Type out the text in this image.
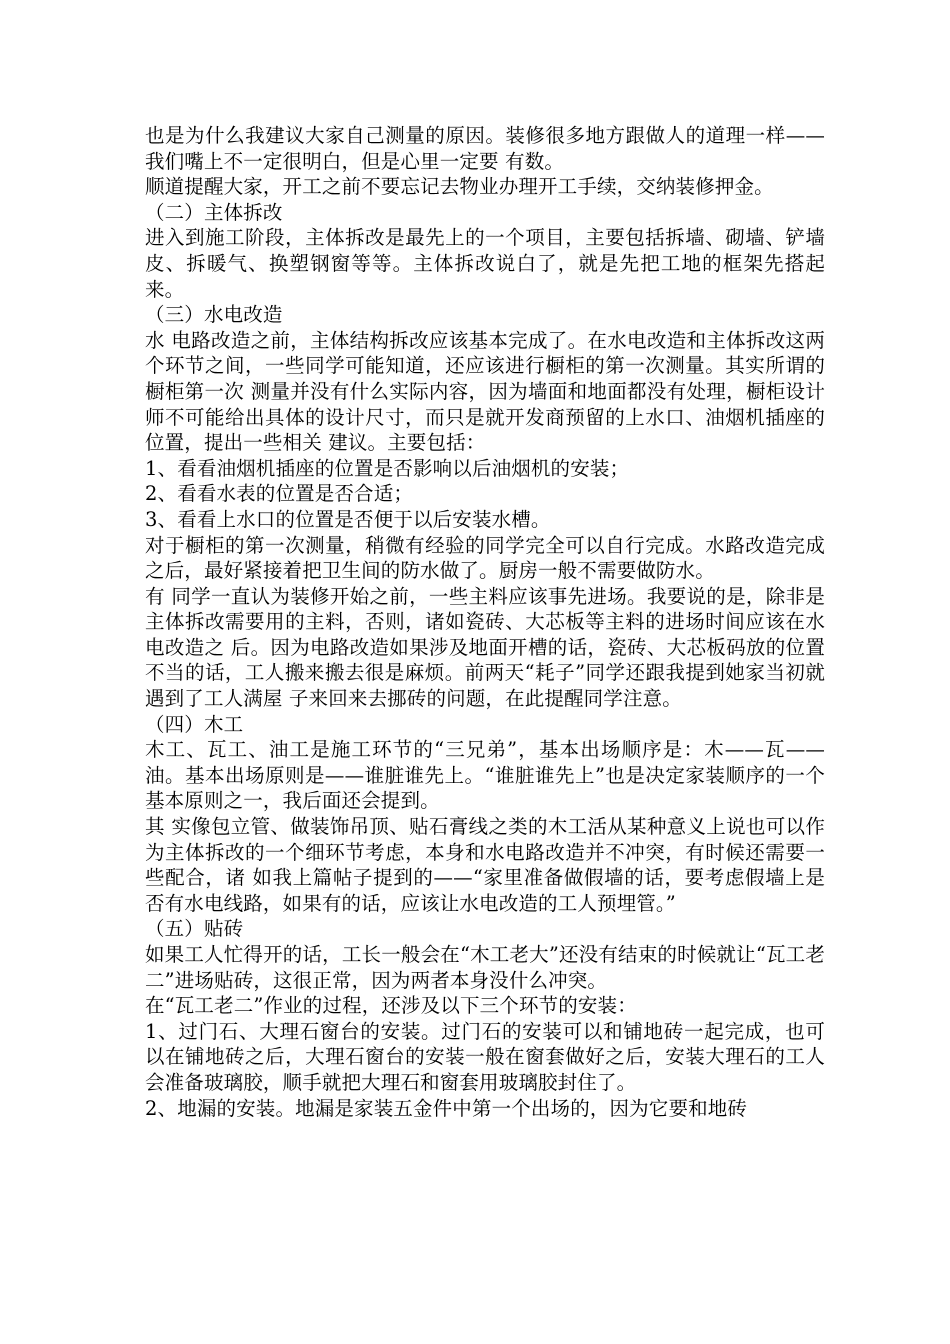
也是为什么我建议大家自己测量的原因。装修很多地方跟做人的道理一样——我们嘴上不一定很明白，但是心里一定要 有数。

顺道提醒大家，开工之前不要忘记去物业办理开工手续，交纳装修押金。

（二）主体拆改

进入到施工阶段，主体拆改是最先上的一个项目，主要包括拆墙、砌墙、铲墙皮、拆暖气、换塑钢窗等等。主体拆改说白了，就是先把工地的框架先搭起来。

（三）水电改造

水 电路改造之前，主体结构拆改应该基本完成了。在水电改造和主体拆改这两个环节之间，一些同学可能知道，还应该进行橱柜的第一次测量。其实所谓的橱柜第一次 测量并没有什么实际内容，因为墙面和地面都没有处理，橱柜设计师不可能给出具体的设计尺寸，而只是就开发商预留的上水口、油烟机插座的位置，提出一些相关 建议。主要包括：

1、看看油烟机插座的位置是否影响以后油烟机的安装；

2、看看水表的位置是否合适；

3、看看上水口的位置是否便于以后安装水槽。

对于橱柜的第一次测量，稍微有经验的同学完全可以自行完成。水路改造完成之后，最好紧接着把卫生间的防水做了。厨房一般不需要做防水。

有 同学一直认为装修开始之前，一些主料应该事先进场。我要说的是，除非是主体拆改需要用的主料，否则，诸如瓷砖、大芯板等主料的进场时间应该在水电改造之 后。因为电路改造如果涉及地面开槽的话，瓷砖、大芯板码放的位置不当的话，工人搬来搬去很是麻烦。前两天“耗子”同学还跟我提到她家当初就遇到了工人满屋 子来回来去挪砖的问题，在此提醒同学注意。

（四）木工

木工、瓦工、油工是施工环节的“三兄弟”，基本出场顺序是：木——瓦——油。基本出场原则是——谁脏谁先上。“谁脏谁先上”也是决定家装顺序的一个基本原则之一，我后面还会提到。

其 实像包立管、做装饰吊顶、贴石膏线之类的木工活从某种意义上说也可以作为主体拆改的一个细环节考虑，本身和水电路改造并不冲突，有时候还需要一些配合，诸 如我上篇帖子提到的——“家里准备做假墙的话，要考虑假墙上是否有水电线路，如果有的话，应该让水电改造的工人预埋管。”

（五）贴砖

如果工人忙得开的话，工长一般会在“木工老大”还没有结束的时候就让“瓦工老二”进场贴砖，这很正常，因为两者本身没什么冲突。

在“瓦工老二”作业的过程，还涉及以下三个环节的安装：

1、过门石、大理石窗台的安装。过门石的安装可以和铺地砖一起完成，也可以在铺地砖之后，大理石窗台的安装一般在窗套做好之后，安装大理石的工人会准备玻璃胶，顺手就把大理石和窗套用玻璃胶封住了。

2、地漏的安装。地漏是家装五金件中第一个出场的，因为它要和地砖
